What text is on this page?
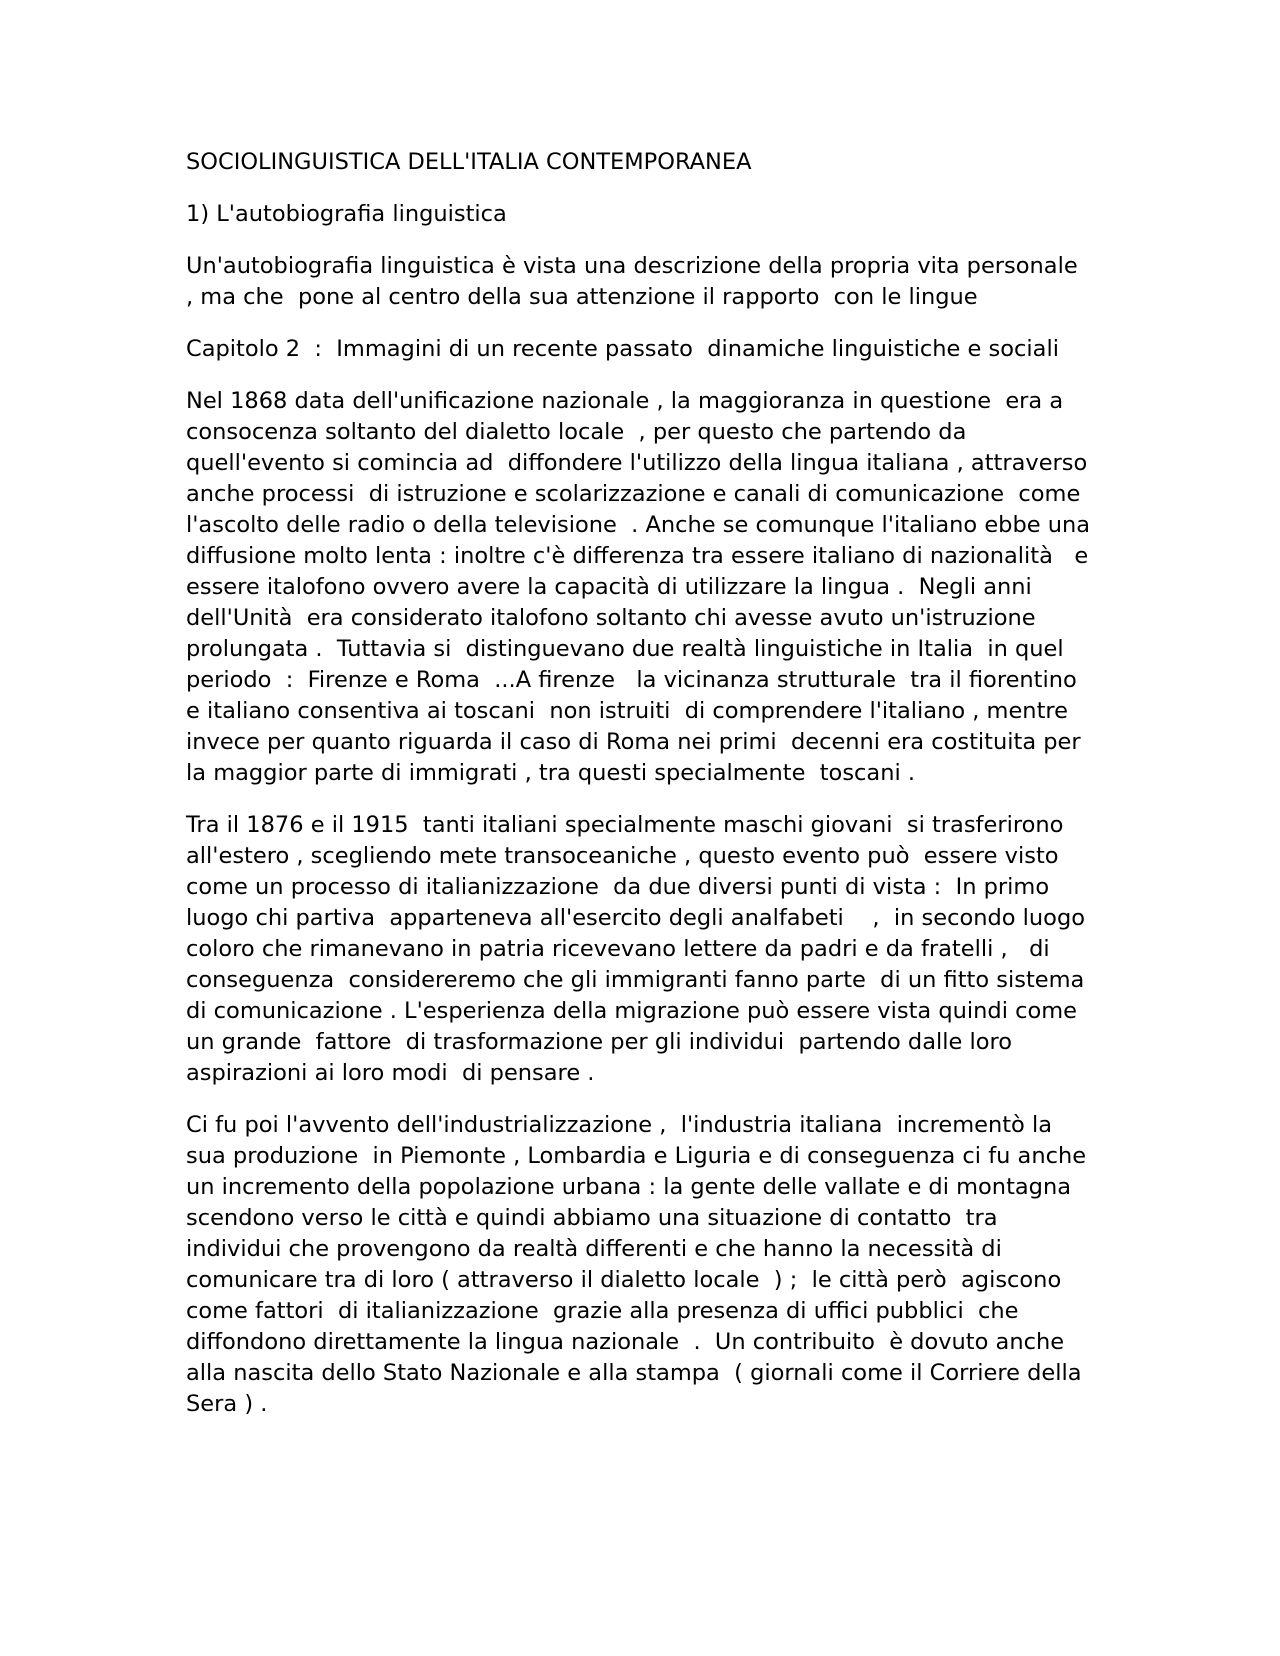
SOCIOLINGUISTICA DELL'ITALIA CONTEMPORANEA

1) L'autobiografia linguistica

Un'autobiografia linguistica è vista una descrizione della propria vita personale  , ma che  pone al centro della sua attenzione il rapporto  con le lingue

Capitolo 2  :  Immagini di un recente passato  dinamiche linguistiche e sociali

Nel 1868 data dell'unificazione nazionale , la maggioranza in questione  era a consocenza soltanto del dialetto locale  , per questo che partendo da quell'evento si comincia ad  diffondere l'utilizzo della lingua italiana , attraverso anche processi  di istruzione e scolarizzazione e canali di comunicazione  come l'ascolto delle radio o della televisione  . Anche se comunque l'italiano ebbe una diffusione molto lenta : inoltre c'è differenza tra essere italiano di nazionalità   e essere italofono ovvero avere la capacità di utilizzare la lingua .  Negli anni dell'Unità  era considerato italofono soltanto chi avesse avuto un'istruzione prolungata .  Tuttavia si  distinguevano due realtà linguistiche in Italia  in quel periodo  :  Firenze e Roma  ...A firenze   la vicinanza strutturale  tra il fiorentino  e italiano consentiva ai toscani  non istruiti  di comprendere l'italiano , mentre invece per quanto riguarda il caso di Roma nei primi  decenni era costituita per la maggior parte di immigrati , tra questi specialmente  toscani .

Tra il 1876 e il 1915  tanti italiani specialmente maschi giovani  si trasferirono all'estero , scegliendo mete transoceaniche , questo evento può  essere visto come un processo di italianizzazione  da due diversi punti di vista :  In primo luogo chi partiva  apparteneva all'esercito degli analfabeti    ,  in secondo luogo  coloro che rimanevano in patria ricevevano lettere da padri e da fratelli ,   di conseguenza  considereremo che gli immigranti fanno parte  di un fitto sistema di comunicazione . L'esperienza della migrazione può essere vista quindi come un grande  fattore  di trasformazione per gli individui  partendo dalle loro aspirazioni ai loro modi  di pensare .

Ci fu poi l'avvento dell'industrializzazione ,  l'industria italiana  incrementò la sua produzione  in Piemonte , Lombardia e Liguria e di conseguenza ci fu anche un incremento della popolazione urbana : la gente delle vallate e di montagna scendono verso le città e quindi abbiamo una situazione di contatto  tra individui che provengono da realtà differenti e che hanno la necessità di comunicare tra di loro ( attraverso il dialetto locale  ) ;  le città però  agiscono come fattori  di italianizzazione  grazie alla presenza di uffici pubblici  che diffondono direttamente la lingua nazionale  .  Un contribuito  è dovuto anche  alla nascita dello Stato Nazionale e alla stampa  ( giornali come il Corriere della Sera ) .
